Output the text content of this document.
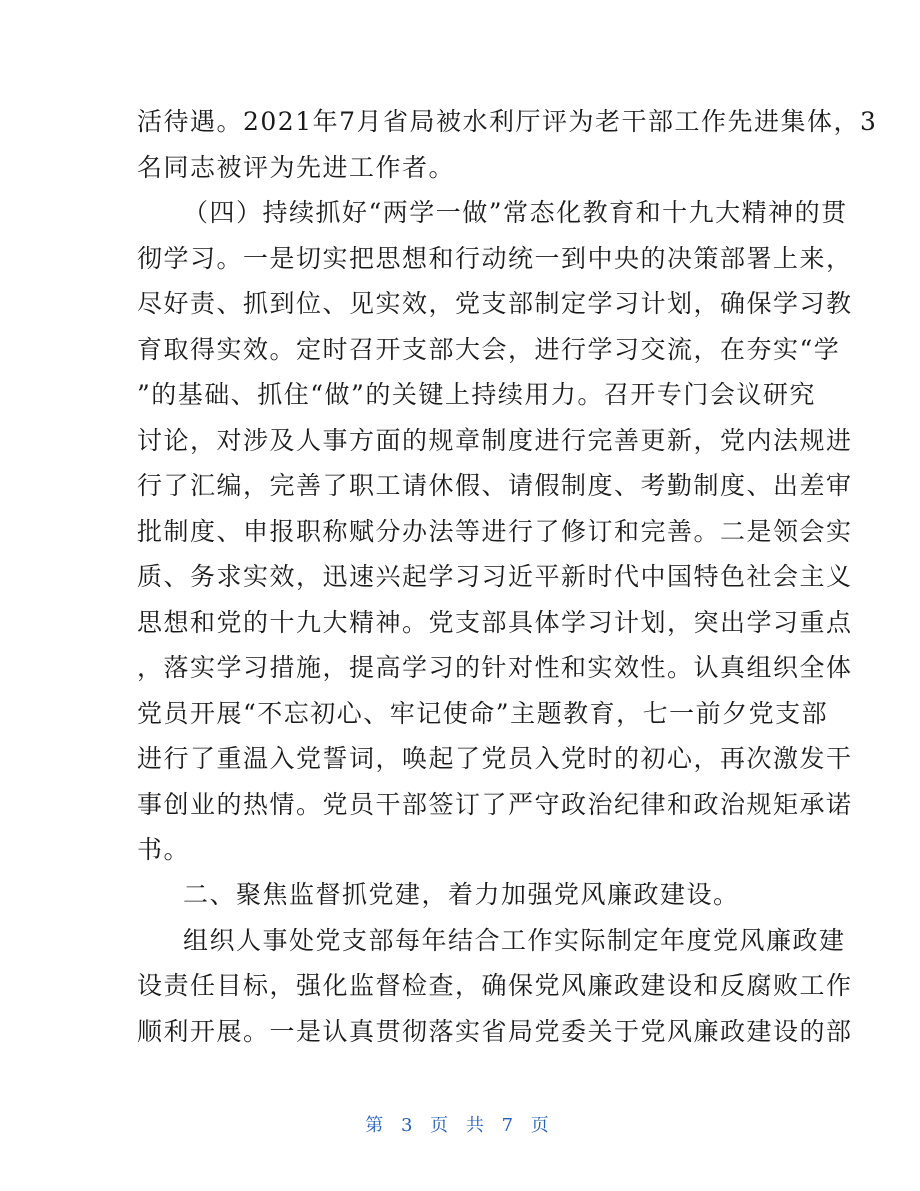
活待遇。2021年7月省局被水利厅评为老干部工作先进集体，3
名同志被评为先进工作者。
（四）持续抓好“两学一做”常态化教育和十九大精神的贯
彻学习。一是切实把思想和行动统一到中央的决策部署上来，
尽好责、抓到位、见实效，党支部制定学习计划，确保学习教
育取得实效。定时召开支部大会，进行学习交流，在夯实“学
”的基础、抓住“做”的关键上持续用力。召开专门会议研究
讨论，对涉及人事方面的规章制度进行完善更新，党内法规进
行了汇编，完善了职工请休假、请假制度、考勤制度、出差审
批制度、申报职称赋分办法等进行了修订和完善。二是领会实
质、务求实效，迅速兴起学习习近平新时代中国特色社会主义
思想和党的十九大精神。党支部具体学习计划，突出学习重点
，落实学习措施，提高学习的针对性和实效性。认真组织全体
党员开展“不忘初心、牢记使命”主题教育，七一前夕党支部
进行了重温入党誓词，唤起了党员入党时的初心，再次激发干
事创业的热情。党员干部签订了严守政治纪律和政治规矩承诺
书。
二、聚焦监督抓党建，着力加强党风廉政建设。
组织人事处党支部每年结合工作实际制定年度党风廉政建
设责任目标，强化监督检查，确保党风廉政建设和反腐败工作
顺利开展。一是认真贯彻落实省局党委关于党风廉政建设的部
第 3 页 共 7 页
